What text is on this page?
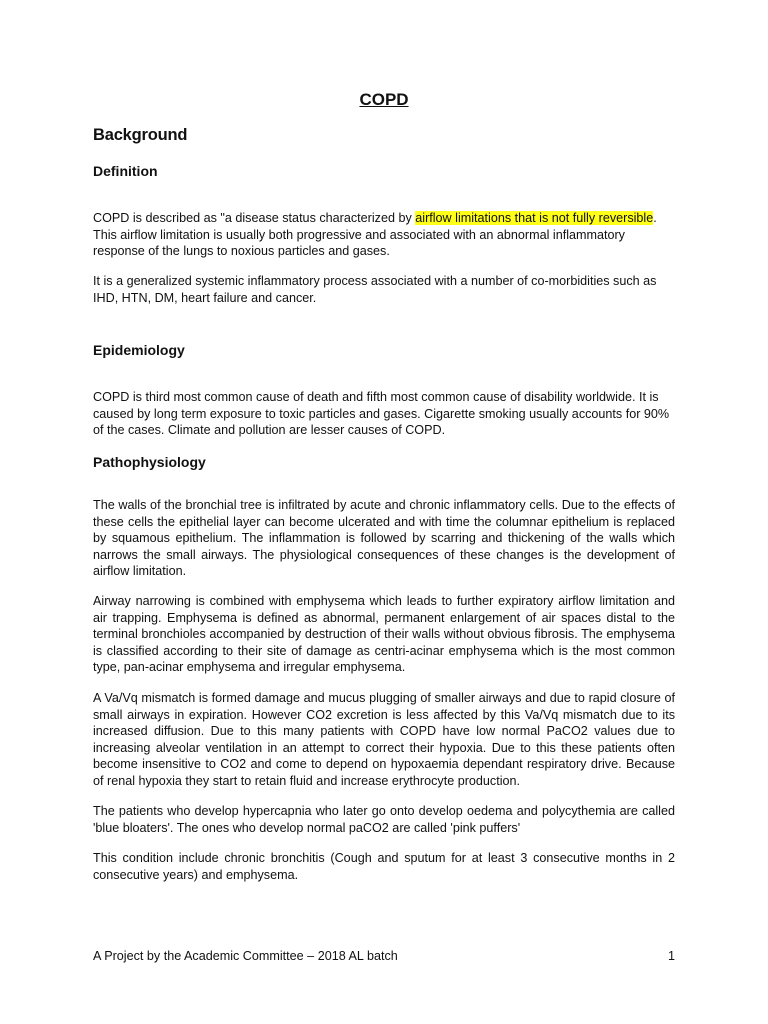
COPD
Background
Definition

COPD is described as "a disease status characterized by airflow limitations that is not fully reversible. This airflow limitation is usually both progressive and associated with an abnormal inflammatory response of the lungs to noxious particles and gases.

It is a generalized systemic inflammatory process associated with a number of co-morbidities such as IHD, HTN, DM, heart failure and cancer.

Epidemiology

COPD is third most common cause of death and fifth most common cause of disability worldwide. It is caused by long term exposure to toxic particles and gases. Cigarette smoking usually accounts for 90% of the cases. Climate and pollution are lesser causes of COPD.

Pathophysiology

The walls of the bronchial tree is infiltrated by acute and chronic inflammatory cells. Due to the effects of these cells the epithelial layer can become ulcerated and with time the columnar epithelium is replaced by squamous epithelium. The inflammation is followed by scarring and thickening of the walls which narrows the small airways. The physiological consequences of these changes is the development of airflow limitation.

Airway narrowing is combined with emphysema which leads to further expiratory airflow limitation and air trapping. Emphysema is defined as abnormal, permanent enlargement of air spaces distal to the terminal bronchioles accompanied by destruction of their walls without obvious fibrosis. The emphysema is classified according to their site of damage as centri-acinar emphysema which is the most common type, pan-acinar emphysema and irregular emphysema.

A Va/Vq mismatch is formed damage and mucus plugging of smaller airways and due to rapid closure of small airways in expiration. However CO2 excretion is less affected by this Va/Vq mismatch due to its increased diffusion. Due to this many patients with COPD have low normal PaCO2 values due to increasing alveolar ventilation in an attempt to correct their hypoxia. Due to this these patients often become insensitive to CO2 and come to depend on hypoxaemia dependant respiratory drive. Because of renal hypoxia they start to retain fluid and increase erythrocyte production.

The patients who develop hypercapnia who later go onto develop oedema and polycythemia are called 'blue bloaters'. The ones who develop normal paCO2 are called 'pink puffers'

This condition include chronic bronchitis (Cough and sputum for at least 3 consecutive months in 2 consecutive years) and emphysema.

A Project by the Academic Committee – 2018 AL batch	1
